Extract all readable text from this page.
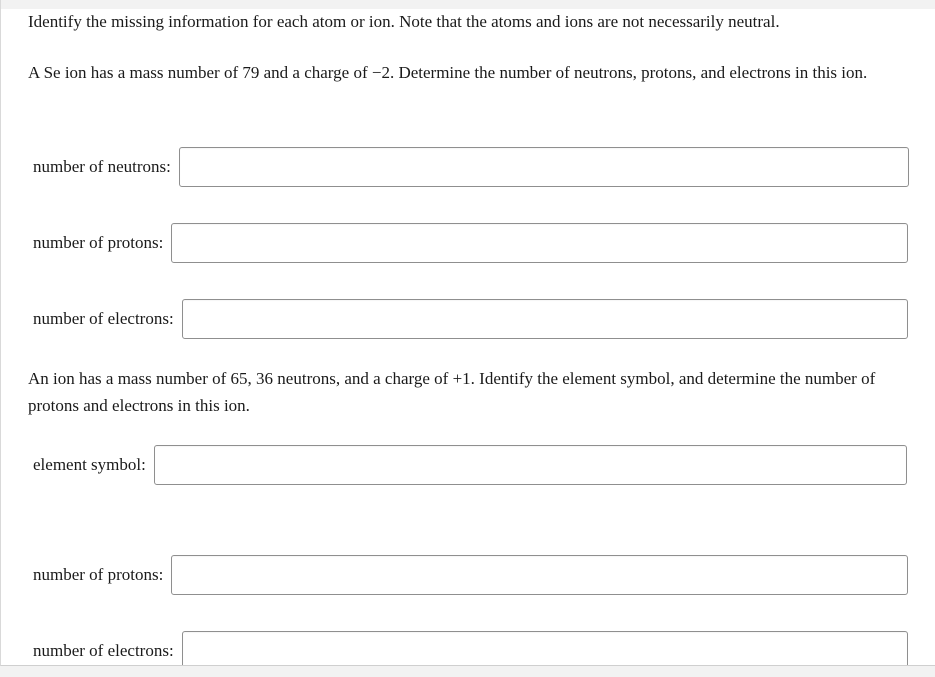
Identify the missing information for each atom or ion. Note that the atoms and ions are not necessarily neutral.

A Se ion has a mass number of 79 and a charge of −2. Determine the number of neutrons, protons, and electrons in this ion.

number of neutrons:
number of protons:
number of electrons:

An ion has a mass number of 65, 36 neutrons, and a charge of +1. Identify the element symbol, and determine the number of protons and electrons in this ion.

element symbol:
number of protons:
number of electrons:
